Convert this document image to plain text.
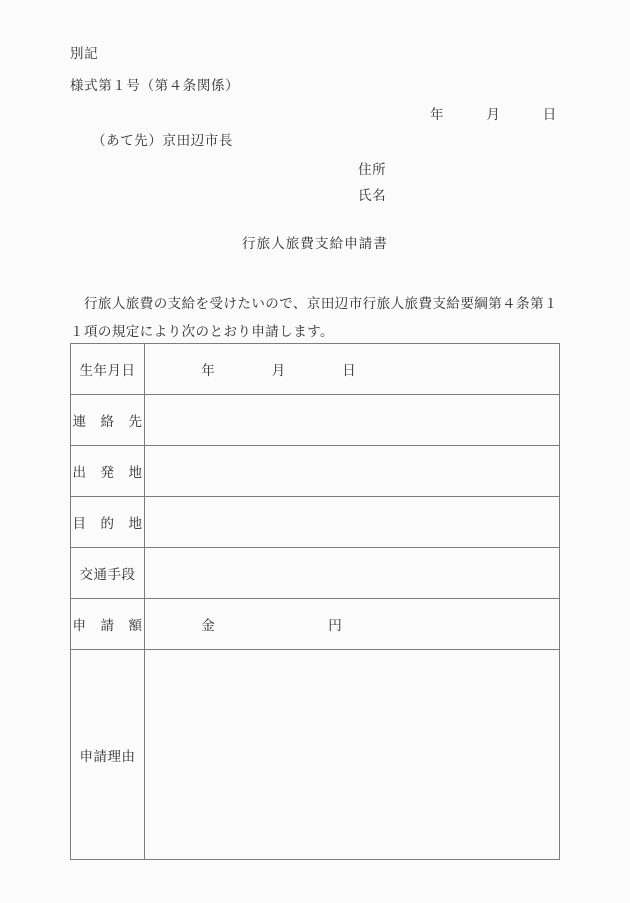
別記
様式第１号（第４条関係）
年　　　月　　　日
（あて先）京田辺市長
住所
氏名
行旅人旅費支給申請書
　行旅人旅費の支給を受けたいので、京田辺市行旅人旅費支給要綱第４条第１
１項の規定により次のとおり申請します。
生年月日	　　　年　　　　月　　　　日
連　絡　先	
出　発　地	
目　的　地	
交通手段	
申　請　額	　　　金　　　　　　　　円
申請理由	
